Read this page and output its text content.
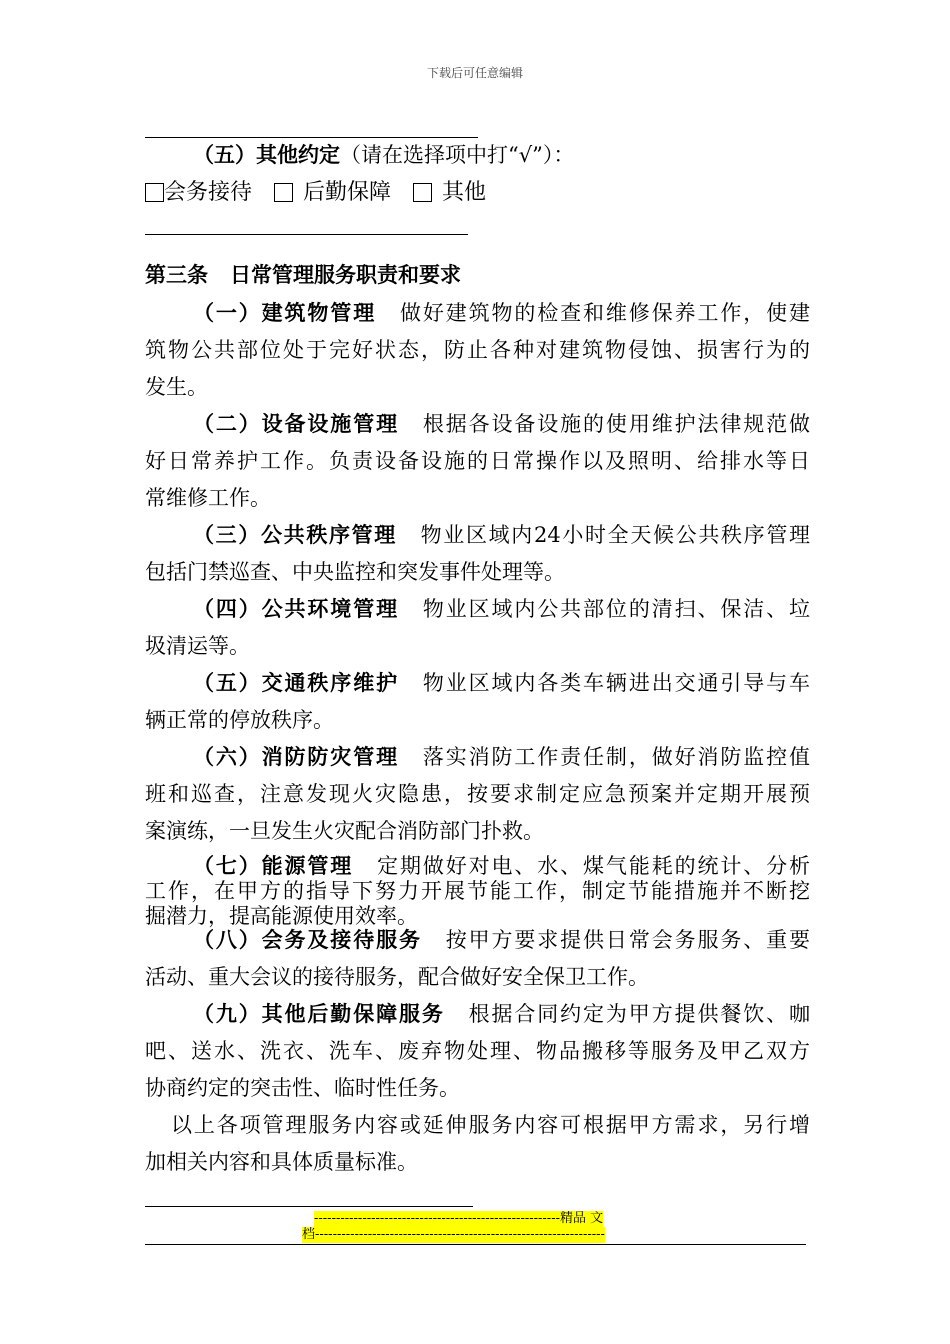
下载后可任意编辑
（五）其他约定（请在选择项中打“√”）：
会务接待 后勤保障 其他
第三条 日常管理服务职责和要求
（一）建筑物管理 做好建筑物的检查和维修保养工作，使建
筑物公共部位处于完好状态，防止各种对建筑物侵蚀、损害行为的
发生。
（二）设备设施管理 根据各设备设施的使用维护法律规范做
好日常养护工作。负责设备设施的日常操作以及照明、给排水等日
常维修工作。
（三）公共秩序管理 物业区域内24小时全天候公共秩序管理
包括门禁巡查、中央监控和突发事件处理等。
（四）公共环境管理 物业区域内公共部位的清扫、保洁、垃
圾清运等。
（五）交通秩序维护 物业区域内各类车辆进出交通引导与车
辆正常的停放秩序。
（六）消防防灾管理 落实消防工作责任制，做好消防监控值
班和巡查，注意发现火灾隐患，按要求制定应急预案并定期开展预
案演练，一旦发生火灾配合消防部门扑救。
（七）能源管理 定期做好对电、水、煤气能耗的统计、分析
工作，在甲方的指导下努力开展节能工作，制定节能措施并不断挖
掘潜力，提高能源使用效率。
（八）会务及接待服务 按甲方要求提供日常会务服务、重要
活动、重大会议的接待服务，配合做好安全保卫工作。
（九）其他后勤保障服务 根据合同约定为甲方提供餐饮、咖
吧、送水、洗衣、洗车、废弃物处理、物品搬移等服务及甲乙双方
协商约定的突击性、临时性任务。
以上各项管理服务内容或延伸服务内容可根据甲方需求，另行增
加相关内容和具体质量标准。
--------------------------------------------------------精品 文
档------------------------------------------------------------------
